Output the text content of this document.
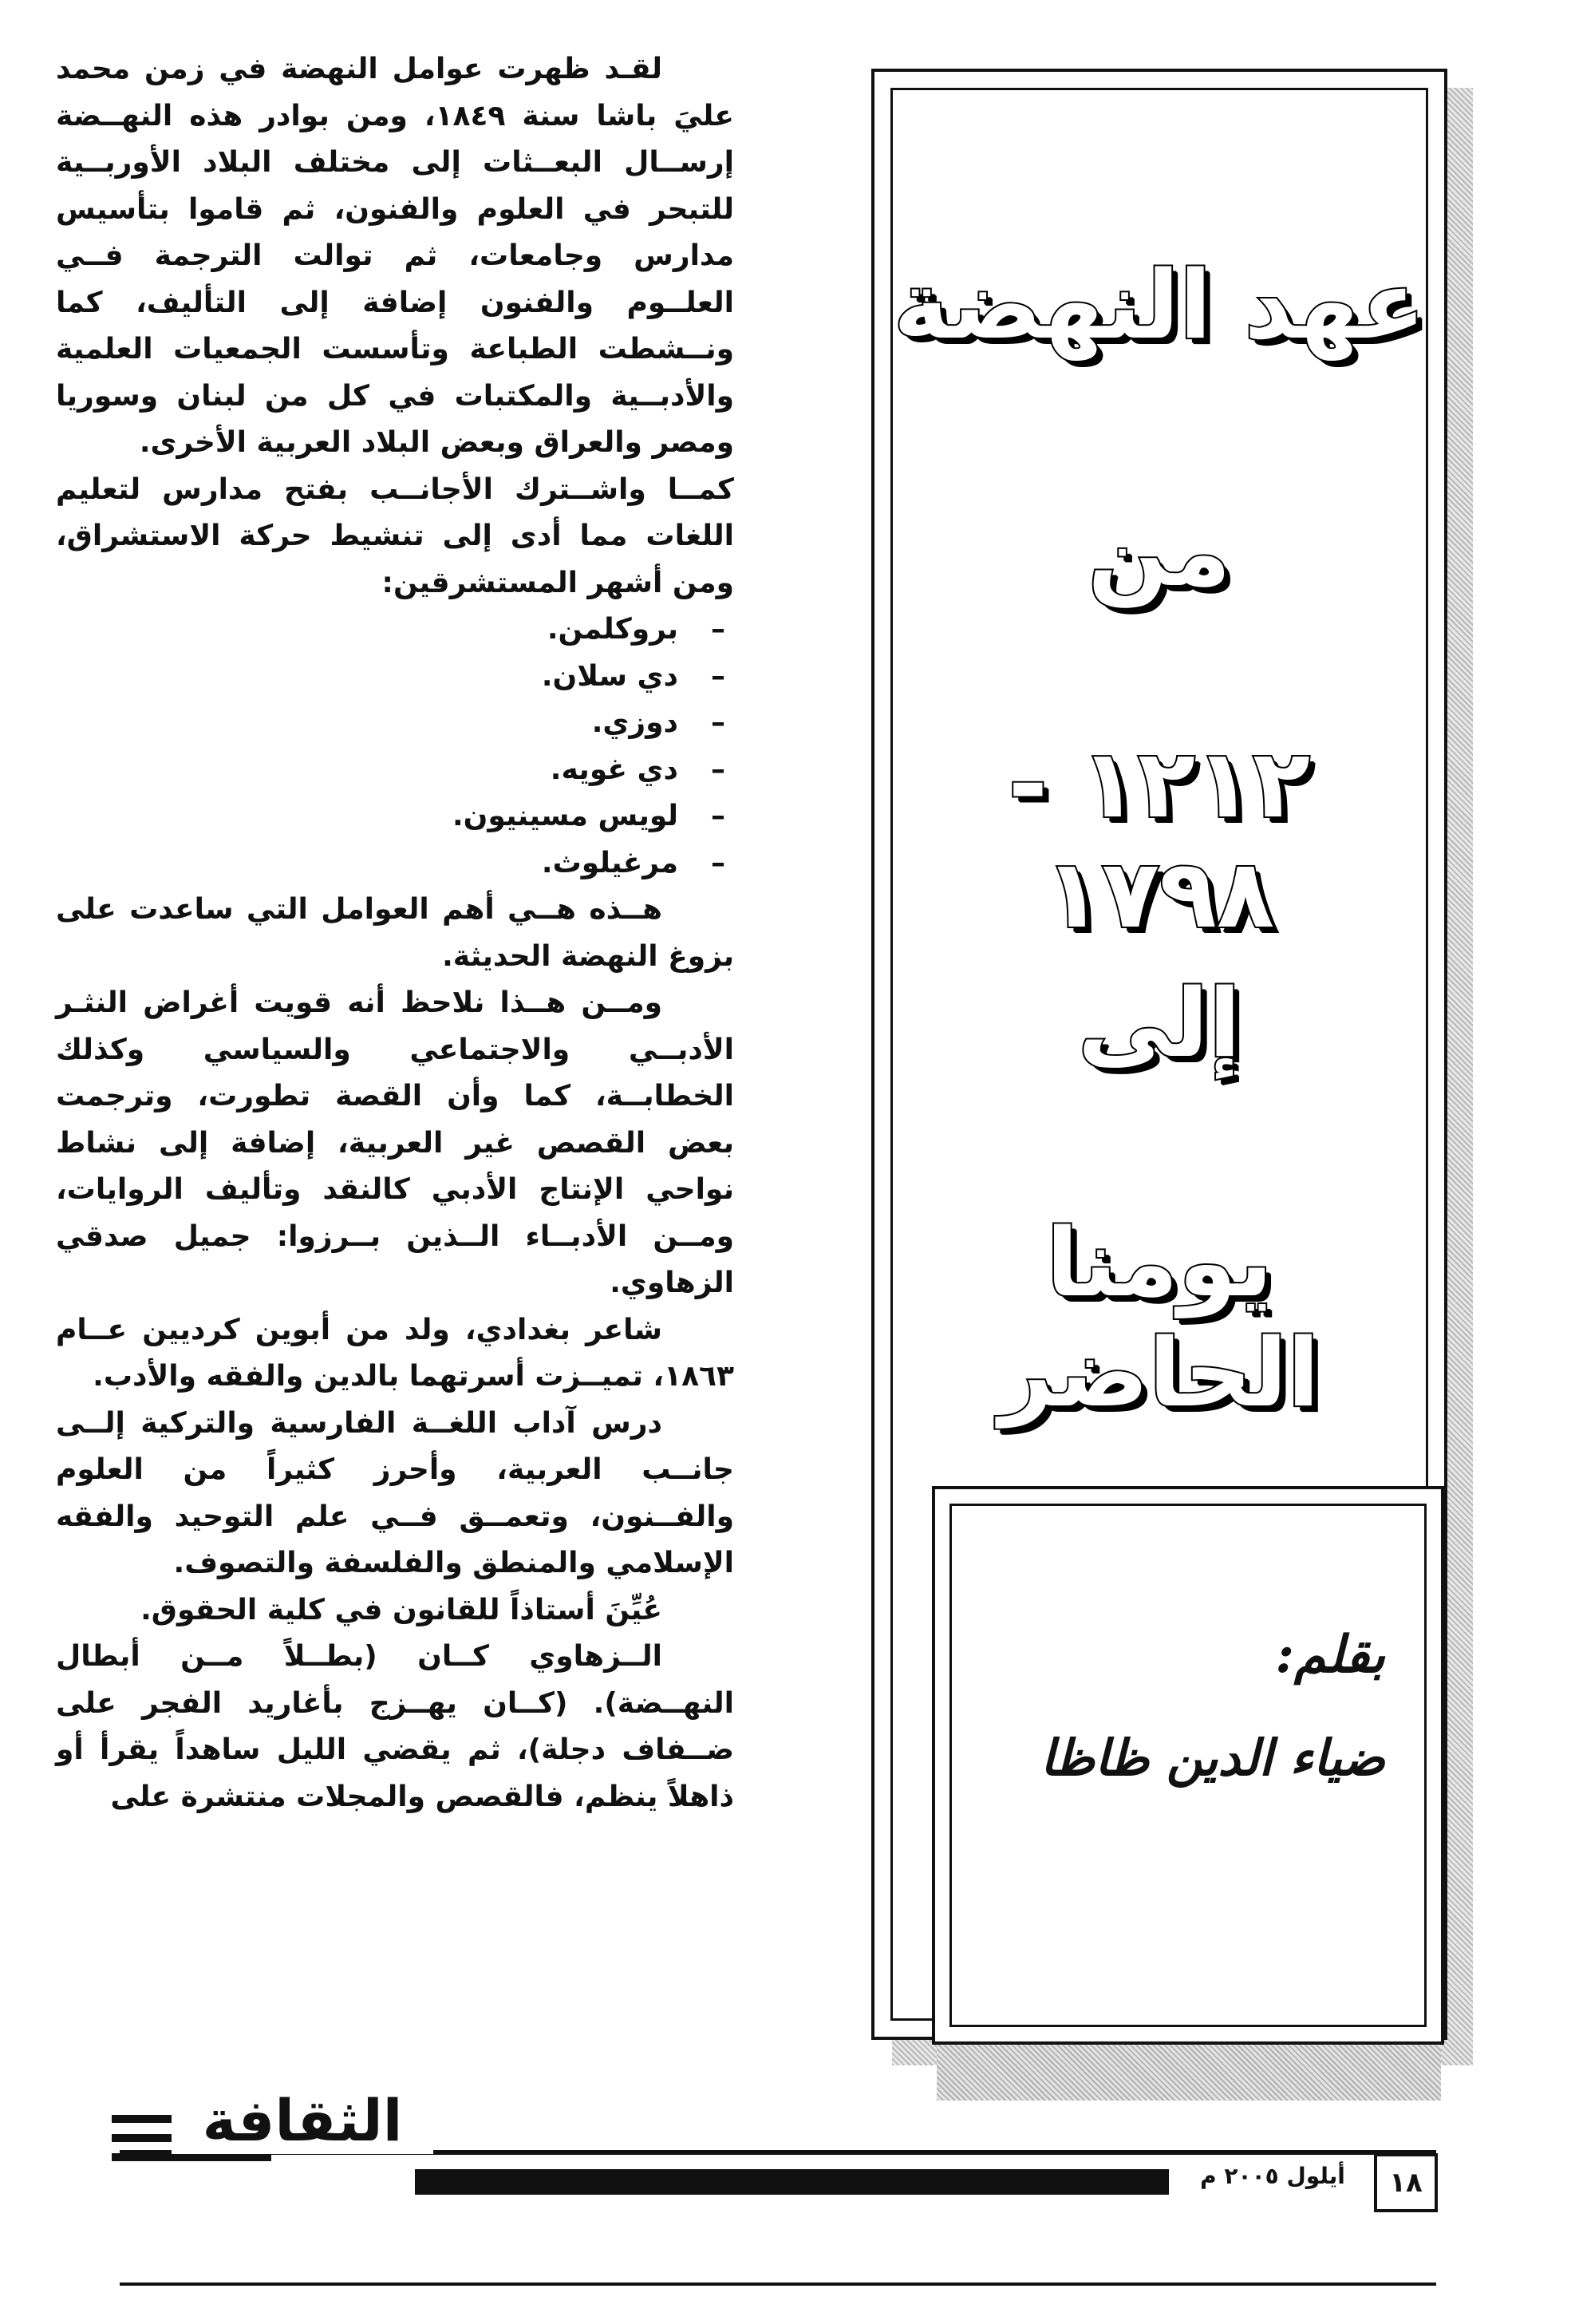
لقـد ظهرت عوامل النهضة في زمن محمد عليَ باشا سنة ١٨٤٩، ومن بوادر هذه النهــضة إرســال البعــثات إلى مختلف البلاد الأوربــية للتبحر في العلوم والفنون، ثم قاموا بتأسيس مدارس وجامعات، ثم توالت الترجمة فــي العلــوم والفنون إضافة إلى التأليف، كما ونــشطت الطباعة وتأسست الجمعيات العلمية والأدبــية والمكتبات في كل من لبنان وسوريا ومصر والعراق وبعض البلاد العربية الأخرى.

كمــا واشــترك الأجانــب بفتح مدارس لتعليم اللغات مما أدى إلى تنشيط حركة الاستشراق، ومن أشهر المستشرقين:

–بروكلمن.
–دي سلان.
–دوزي.
–دي غويه.
–لويس مسينيون.
–مرغيلوث.

هــذه هــي أهم العوامل التي ساعدت على بزوغ النهضة الحديثة.

ومــن هــذا نلاحظ أنه قويت أغراض النثـر الأدبــي والاجتماعي والسياسي وكذلك الخطابــة، كما وأن القصة تطورت، وترجمت بعض القصص غير العربية، إضافة إلى نشاط نواحي الإنتاج الأدبي كالنقد وتأليف الروايات، ومــن الأدبــاء الــذين بــرزوا: جميل صدقي الزهاوي.

شاعر بغدادي، ولد من أبوين كرديين عــام ١٨٦٣، تميــزت أسرتهما بالدين والفقه والأدب.

درس آداب اللغــة الفارسية والتركية إلــى جانــب العربية، وأحرز كثيراً من العلوم والفــنون، وتعمــق فــي علم التوحيد والفقه الإسلامي والمنطق والفلسفة والتصوف.

عُيِّنَ أستاذاً للقانون في كلية الحقوق.

الــزهاوي كــان (بطــلاً مــن أبطال النهــضة). (كــان يهــزج بأغاريد الفجر على ضــفاف دجلة)، ثم يقضي الليل ساهداً يقرأ أو ذاهلاً ينظم، فالقصص والمجلات منتشرة على

عهد النهضة
من
١٢١٢ - ١٧٩٨
إلى
يومنا الحاضر
بقلم:
ضياء الدين ظاظا
الثقافة
أيلول ٢٠٠٥ م	١٨
